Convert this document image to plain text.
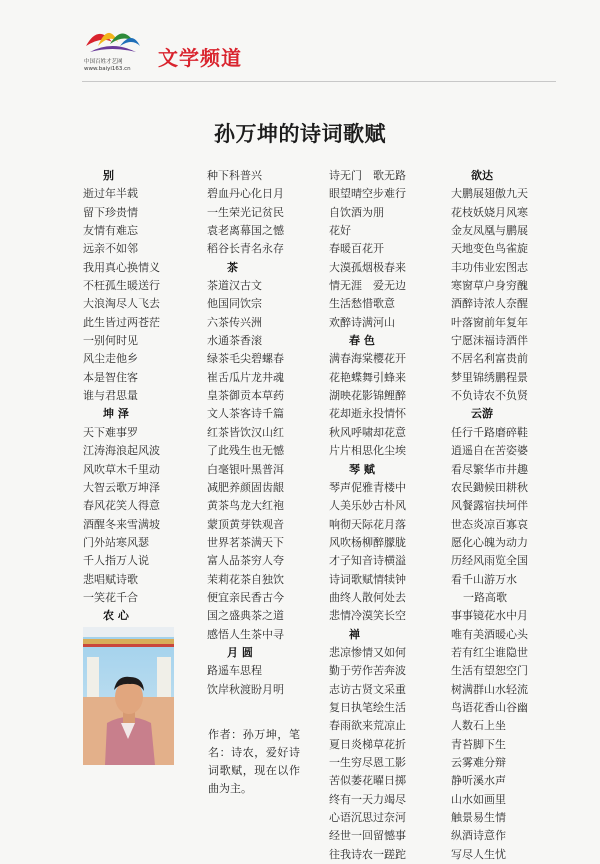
中国百姓才艺网
www.baiyi163.cn 文学频道
孙万坤的诗词歌赋
别
逝过年半载
留下珍贵情
友情有难忘
远亲不如邻
我用真心换情义
不枉孤生暖送行
大浪淘尽人飞去
此生皆过两苍茫
一别何时见
风尘走他乡
本是智住客
谁与君思量
坤 泽
天下难事罗
江涛海浪起风波
风吹草木千里动
大智云歌万坤泽
春风花笑人得意
酒醒冬来雪满坡
门外站寒风瑟
千人指万人说
悲唱赋诗歌
一笑花千合
农 心
种下科普兴
碧血丹心化日月
一生荣光记贫民
袁老离幕国之憾
稻谷长青名永存
茶
茶道汉古文
他国同饮宗
六茶传兴洲
水通茶香滚
绿茶毛尖碧螺春
崔舌瓜片龙井魂
皇茶御贡本草药
文人茶客诗千篇
红茶皆饮汉山红
了此残生也无憾
白毫银叶黑普洱
减肥养颜固齿龈
黄茶鸟龙大红袍
蒙顶黄芽铁观音
世界茗茶满天下
富人品茶穷人夸
茉莉花茶自独饮
便宜亲民香古今
国之盛典茶之道
感悟人生茶中寻
月 圆
路遥车思程
饮岸秋渡盼月明
诗无门　歌无路
眼望晴空步难行
自饮酒为朋
花好
春暖百花开
大漠孤烟极春来
情无涯　爱无边
生活愁惜歌意
欢醉诗满河山
春 色
满春海棠樱花开
花艳蝶舞引蜂来
湖映花影锦鲤醉
花却逝永投情怀
秋风呼啸却花意
片片相思化尘埃
琴 赋
琴声伲雅青楼中
人美乐妙古朴风
响彻天际花月落
风吹杨柳醉朦胧
才子知音诗横溢
诗词歌赋情犊钟
曲终人散何处去
悲情冷漠笑长空
禅
悲凉惨情又如何
勤于劳作苦奔波
志访古贤文采重
复日执笔绘生活
春雨欲来荒凉止
夏日炎梯草花折
一生穷尽恩工影
苦似萎花曜日掷
终有一天力竭尽
心语沉思过奈河
经世一回留憾事
往我诗农一蹉跎
欲达
大鹏展翅傲九天
花枝妖娆月风寒
金友凤凰与鹏展
天地变色鸟雀旋
丰功伟业宏图志
寒窗草户身穷醜
酒醉诗浓人奈醒
叶落窗前年复年
宁愿沫福诗酒伴
不居名利富贵前
梦里锦绣鹏程景
不负诗农不负贤
云游
任行千路磨碎鞋
逍遥自在苦姿婆
看尽繁华市井趣
农民鋤候田耕秋
风餐露宿扶坷伴
世态炎凉百寡哀
愿化心魄为动力
历经风雨览全国
看千山游万水
一路高歌
事事镜花水中月
唯有美酒暖心头
若有红尘谁隐世
生活有望恕空门
树满群山水轻流
鸟语花香山谷幽
人数石上坐
青苔脚下生
云雾难分辩
静听溪水声
山水如画里
触景易生情
纵酒诗意作
写尽人生忧
作者：孙万坤，笔名：诗农，爱好诗词歌赋，现在以作曲为主。
